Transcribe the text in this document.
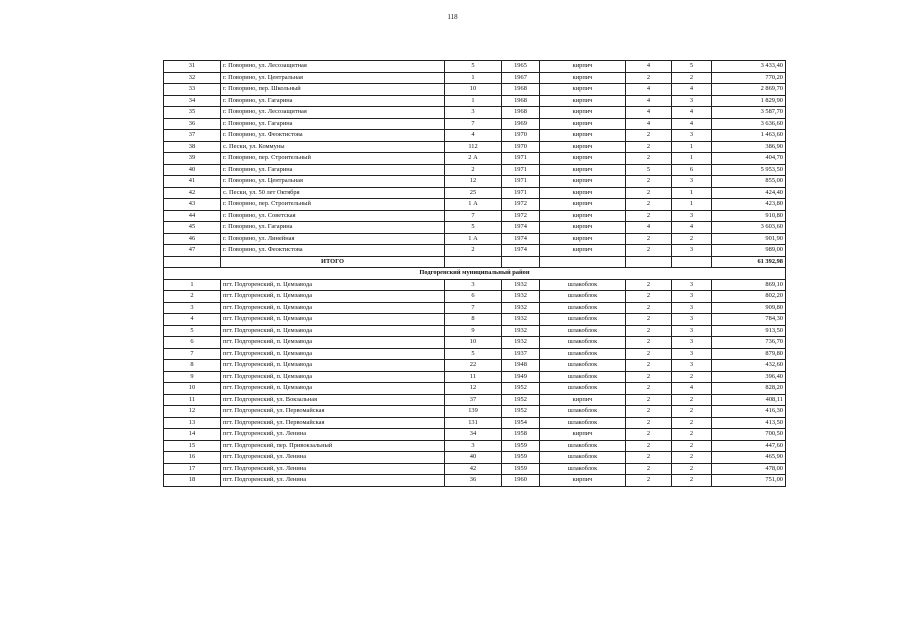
118
31	г. Поворино, ул. Лесозащитная	5	1965	кирпич	4	5	3 433,40
32	г. Поворино, ул. Центральная	1	1967	кирпич	2	2	770,20
33	г. Поворино, пер. Школьный	10	1968	кирпич	4	4	2 869,70
34	г. Поворино, ул. Гагарина	1	1968	кирпич	4	3	1 829,90
35	г. Поворино, ул. Лесозащитная	3	1968	кирпич	4	4	3 587,70
36	г. Поворино, ул. Гагарина	7	1969	кирпич	4	4	3 636,60
37	г. Поворино, ул. Феоктистова	4	1970	кирпич	2	3	1 463,60
38	с. Пески, ул. Коммуны	112	1970	кирпич	2	1	386,90
39	г. Поворино, пер. Строительный	2 А	1971	кирпич	2	1	404,70
40	г. Поворино, ул. Гагарина	2	1971	кирпич	5	6	5 953,50
41	г. Поворино, ул. Центральная	12	1971	кирпич	2	3	855,00
42	с. Пески, ул. 50 лет Октября	25	1971	кирпич	2	1	424,40
43	г. Поворино, пер. Строительный	1 А	1972	кирпич	2	1	423,80
44	г. Поворино, ул. Советская	7	1972	кирпич	2	3	910,80
45	г. Поворино, ул. Гагарина	5	1974	кирпич	4	4	3 603,60
46	г. Поворино, ул. Линейная	1 А	1974	кирпич	2	2	901,90
47	г. Поворино, ул. Феоктистова	2	1974	кирпич	2	3	989,00
	ИТОГО						61 392,98
Подгоренский муниципальный район							
1	пгт. Подгоренский, п. Цемзавода	3	1932	шлакоблок	2	3	869,10
2	пгт. Подгоренский, п. Цемзавода	6	1932	шлакоблок	2	3	802,20
3	пгт. Подгоренский, п. Цемзавода	7	1932	шлакоблок	2	3	909,80
4	пгт. Подгоренский, п. Цемзавода	8	1932	шлакоблок	2	3	784,30
5	пгт. Подгоренский, п. Цемзавода	9	1932	шлакоблок	2	3	913,50
6	пгт. Подгоренский, п. Цемзавода	10	1932	шлакоблок	2	3	736,70
7	пгт. Подгоренский, п. Цемзавода	5	1937	шлакоблок	2	3	879,80
8	пгт. Подгоренский, п. Цемзавода	22	1948	шлакоблок	2	3	432,60
9	пгт. Подгоренский, п. Цемзавода	11	1949	шлакоблок	2	2	396,40
10	пгт. Подгоренский, п. Цемзавода	12	1952	шлакоблок	2	4	828,20
11	пгт. Подгоренский, ул. Вокзальная	37	1952	кирпич	2	2	408,11
12	пгт. Подгоренский, ул. Первомайская	139	1952	шлакоблок	2	2	416,30
13	пгт. Подгоренский, ул. Первомайская	131	1954	шлакоблок	2	2	413,50
14	пгт. Подгоренский, ул. Ленина	34	1958	кирпич	2	2	700,50
15	пгт. Подгоренский, пер. Привокзальный	3	1959	шлакоблок	2	2	447,60
16	пгт. Подгоренский, ул. Ленина	40	1959	шлакоблок	2	2	465,90
17	пгт. Подгоренский, ул. Ленина	42	1959	шлакоблок	2	2	478,00
18	пгт. Подгоренский, ул. Ленина	36	1960	кирпич	2	2	751,00
